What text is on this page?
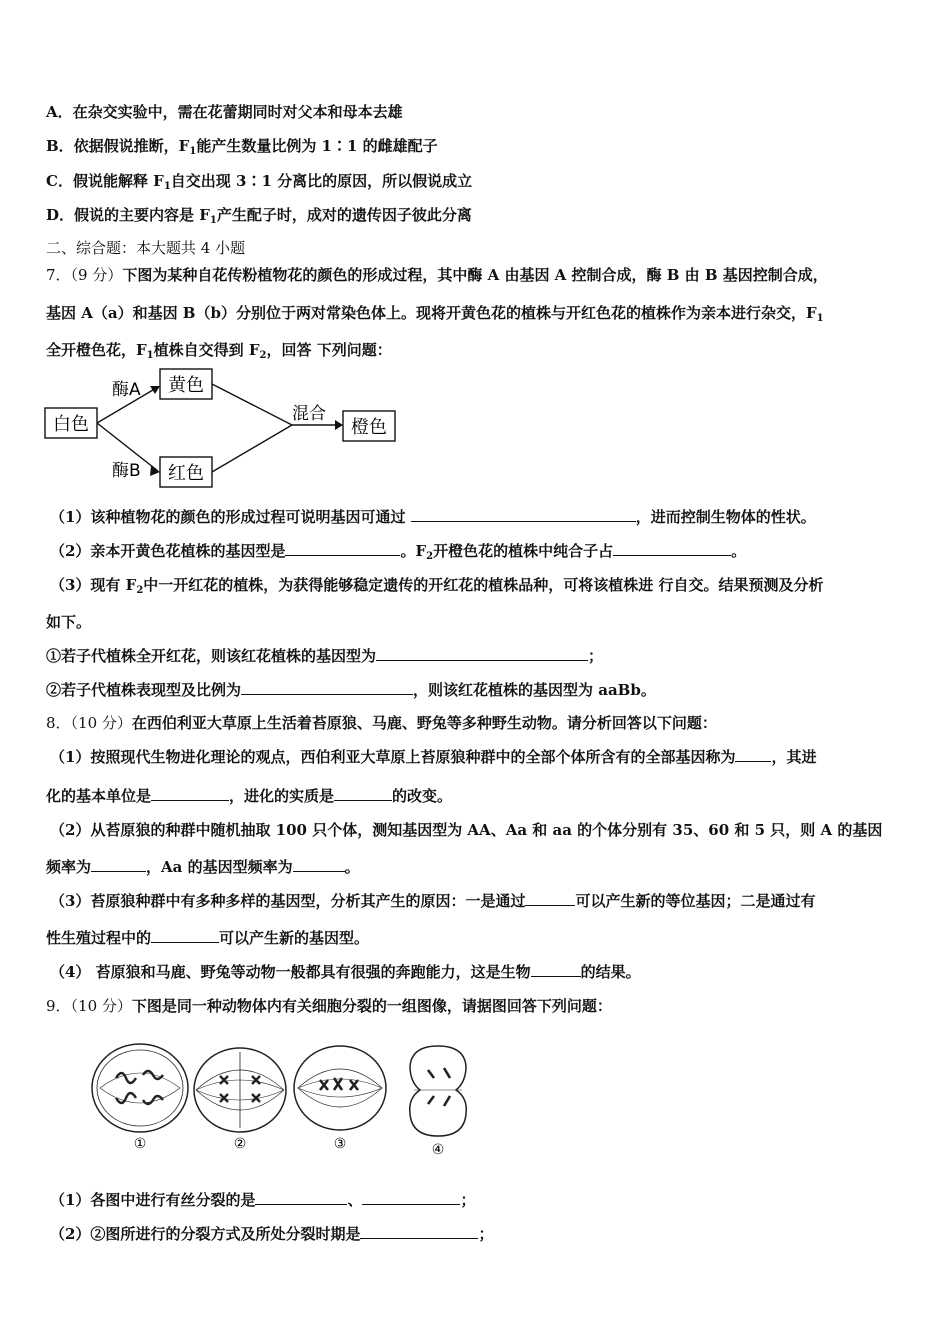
A．在杂交实验中，需在花蕾期同时对父本和母本去雄
B．依据假说推断，$F_1$能产生数量比例为 1∶1 的雌雄配子
C．假说能解释 $F_1$自交出现 3∶1 分离比的原因，所以假说成立
D．假说的主要内容是 $F_1$产生配子时，成对的遗传因子彼此分离
二、综合题：本大题共 4 小题
7．（9 分）下图为某种自花传粉植物花的颜色的形成过程，其中酶 A 由基因 A 控制合成，酶 B 由 B 基因控制合成，
基因 A（a）和基因 B（b）分别位于两对常染色体上。现将开黄色花的植株与开红色花的植株作为亲本进行杂交，$F_1$
全开橙色花，$F_1$植株自交得到 $F_2$，回答 下列问题：
黄色
白色
红色
橙色
酶A
酶B
混合
（1）该种植物花的颜色的形成过程可说明基因可通过	，进而控制生物体的性状。
（2）亲本开黄色花植株的基因型是	。$F_2$开橙色花的植株中纯合子占	。
（3）现有 $F_2$中一开红花的植株，为获得能够稳定遗传的开红花的植株品种，可将该植株进 行自交。结果预测及分析
如下。
①若子代植株全开红花，则该红花植株的基因型为	；
②若子代植株表现型及比例为	，则该红花植株的基因型为 aaBb。
8．（10 分）在西伯利亚大草原上生活着苔原狼、马鹿、野兔等多种野生动物。请分析回答以下问题：
（1）按照现代生物进化理论的观点，西伯利亚大草原上苔原狼种群中的全部个体所含有的全部基因称为 ，其进
化的基本单位是	，进化的实质是	的改变。
（2）从苔原狼的种群中随机抽取 100 只个体，测知基因型为 AA、Aa 和 aa 的个体分别有 35、60 和 5 只，则 A 的基因
频率为	，Aa 的基因型频率为	。
（3）苔原狼种群中有多种多样的基因型，分析其产生的原因：一是通过	可以产生新的等位基因；二是通过有
性生殖过程中的	可以产生新的基因型。
（4） 苔原狼和马鹿、野兔等动物一般都具有很强的奔跑能力，这是生物	的结果。
9．（10 分）下图是同一种动物体内有关细胞分裂的一组图像，请据图回答下列问题：
①	②	③	④
（1）各图中进行有丝分裂的是	、	；
（2）②图所进行的分裂方式及所处分裂时期是	；
